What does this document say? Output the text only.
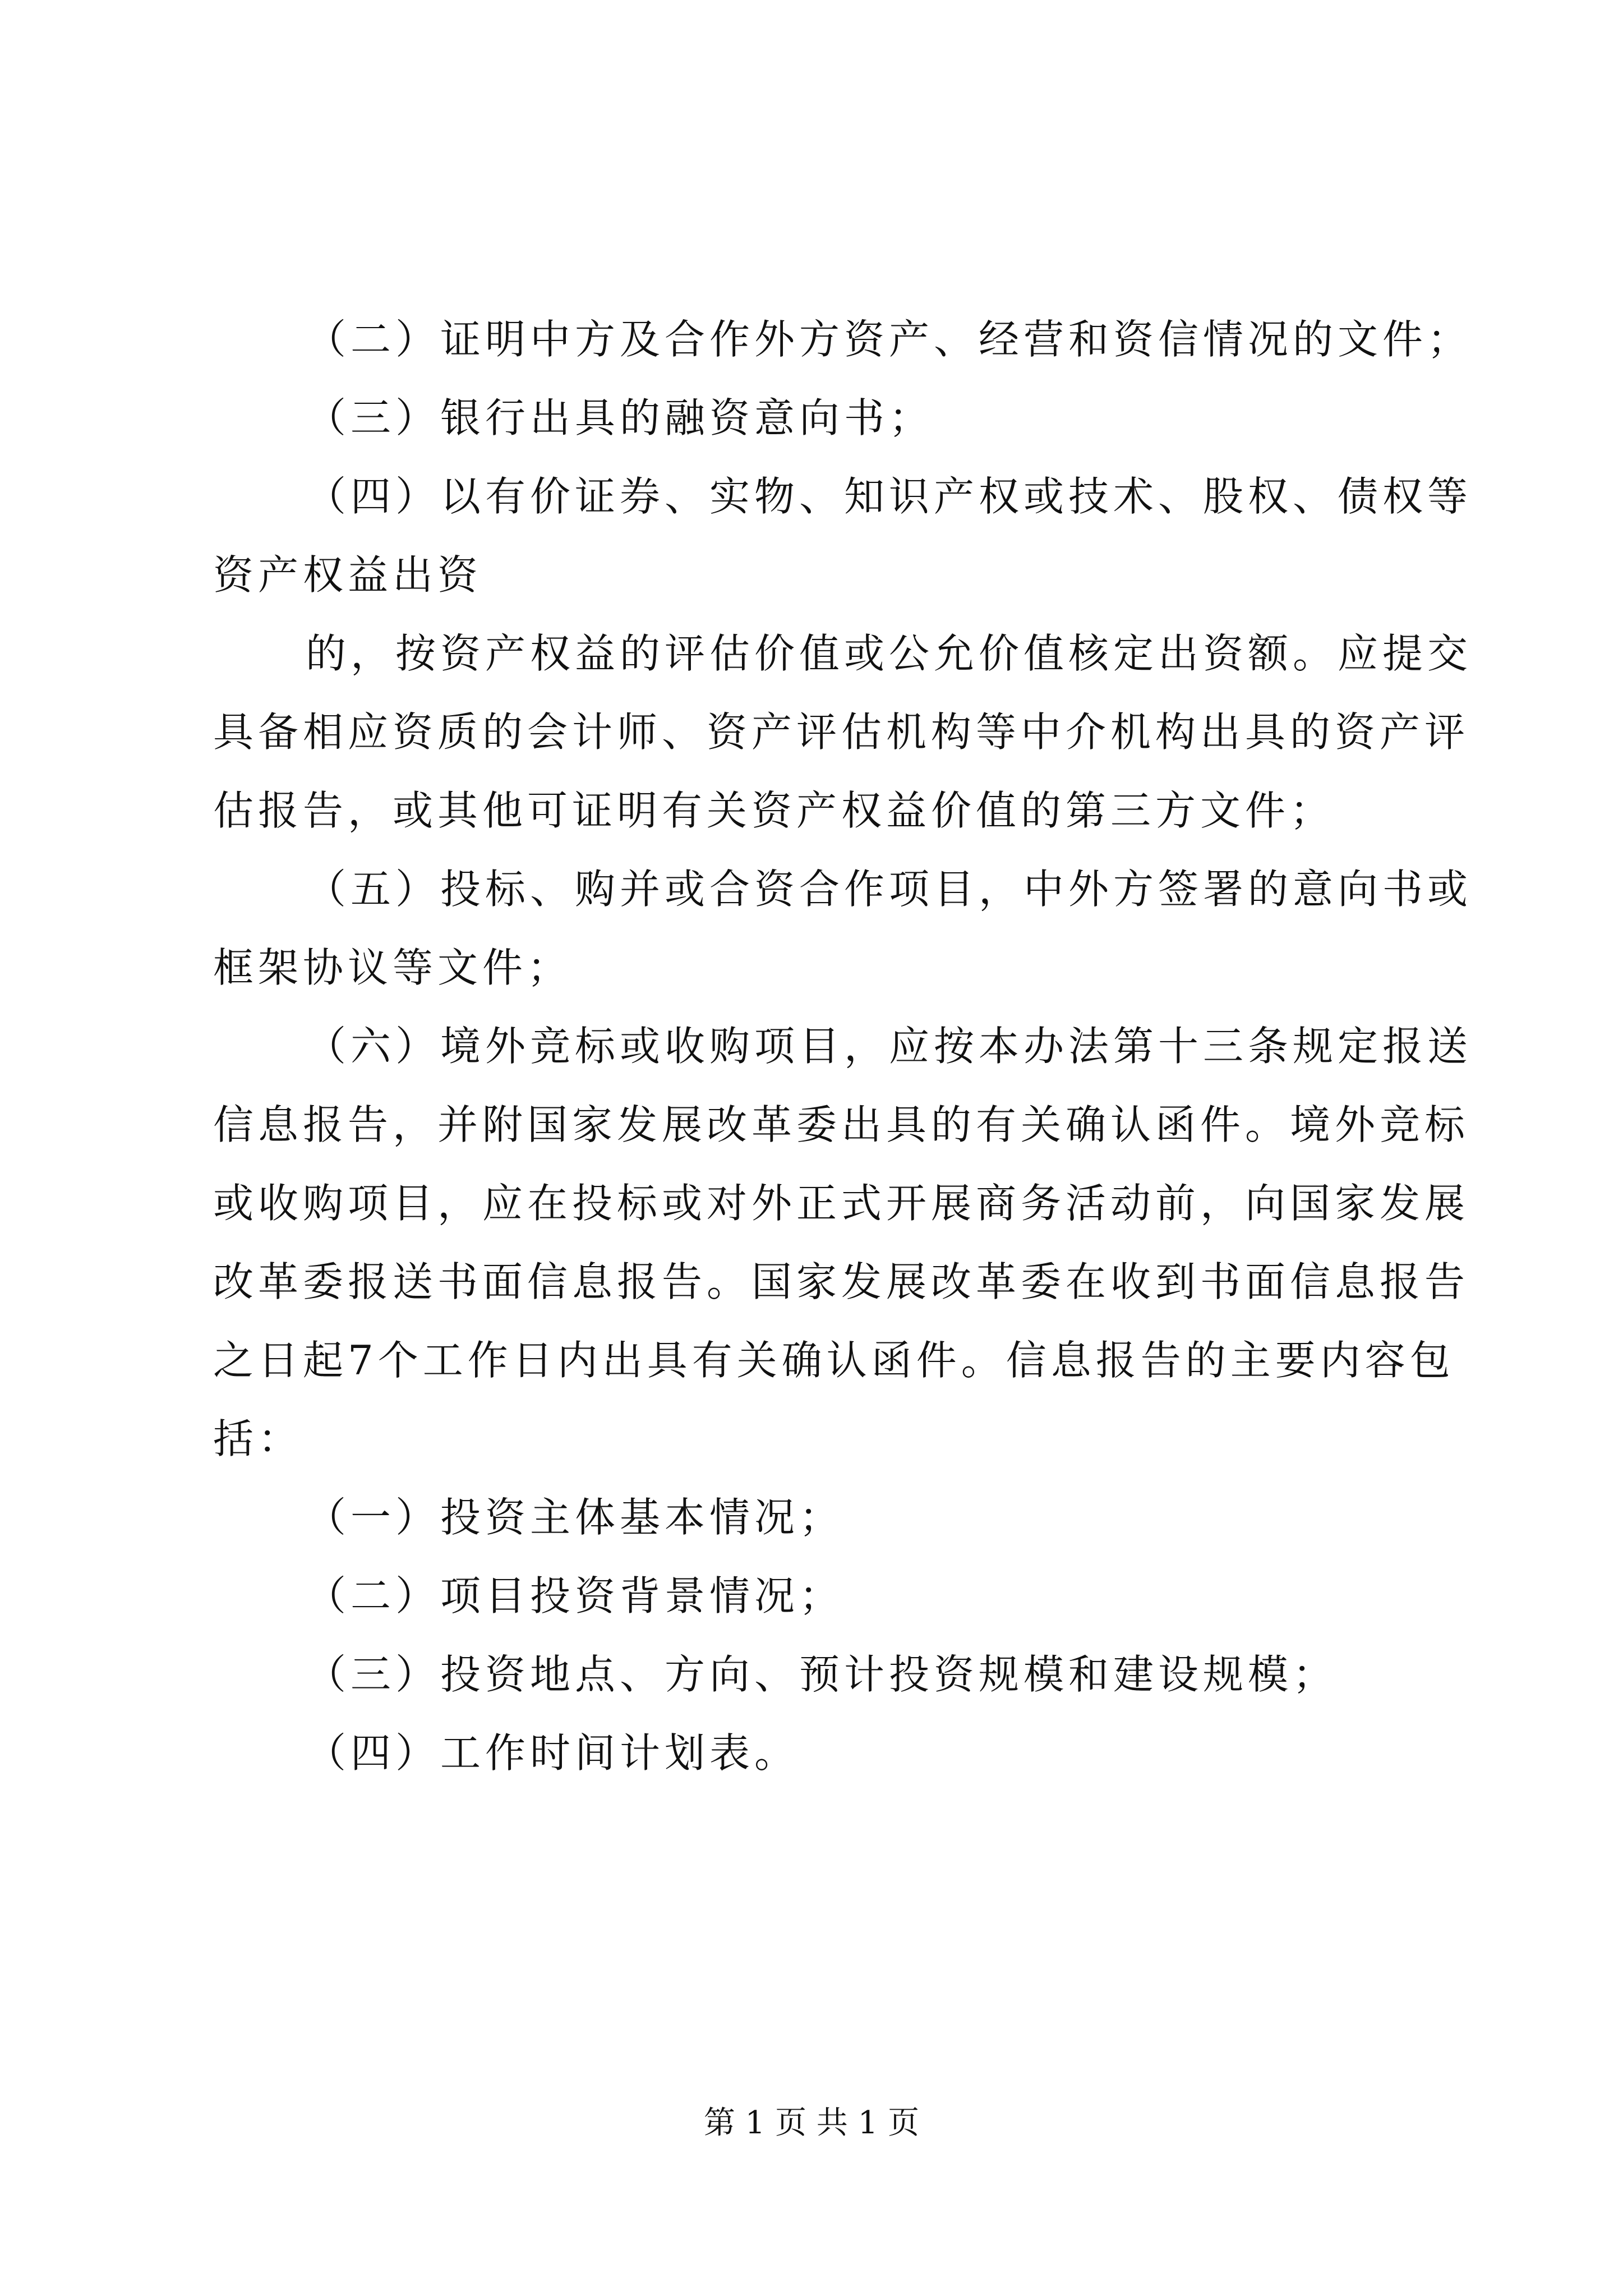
（二）证明中方及合作外方资产、经营和资信情况的文件；
（三）银行出具的融资意向书；
（四）以有价证券、实物、知识产权或技术、股权、债权等
资产权益出资
的，按资产权益的评估价值或公允价值核定出资额。应提交
具备相应资质的会计师、资产评估机构等中介机构出具的资产评
估报告，或其他可证明有关资产权益价值的第三方文件；
（五）投标、购并或合资合作项目，中外方签署的意向书或
框架协议等文件；
（六）境外竞标或收购项目，应按本办法第十三条规定报送
信息报告，并附国家发展改革委出具的有关确认函件。境外竞标
或收购项目，应在投标或对外正式开展商务活动前，向国家发展
改革委报送书面信息报告。国家发展改革委在收到书面信息报告
之日起7个工作日内出具有关确认函件。信息报告的主要内容包
括：
（一）投资主体基本情况；
（二）项目投资背景情况；
（三）投资地点、方向、预计投资规模和建设规模；
（四）工作时间计划表。
第 1 页 共 1 页
